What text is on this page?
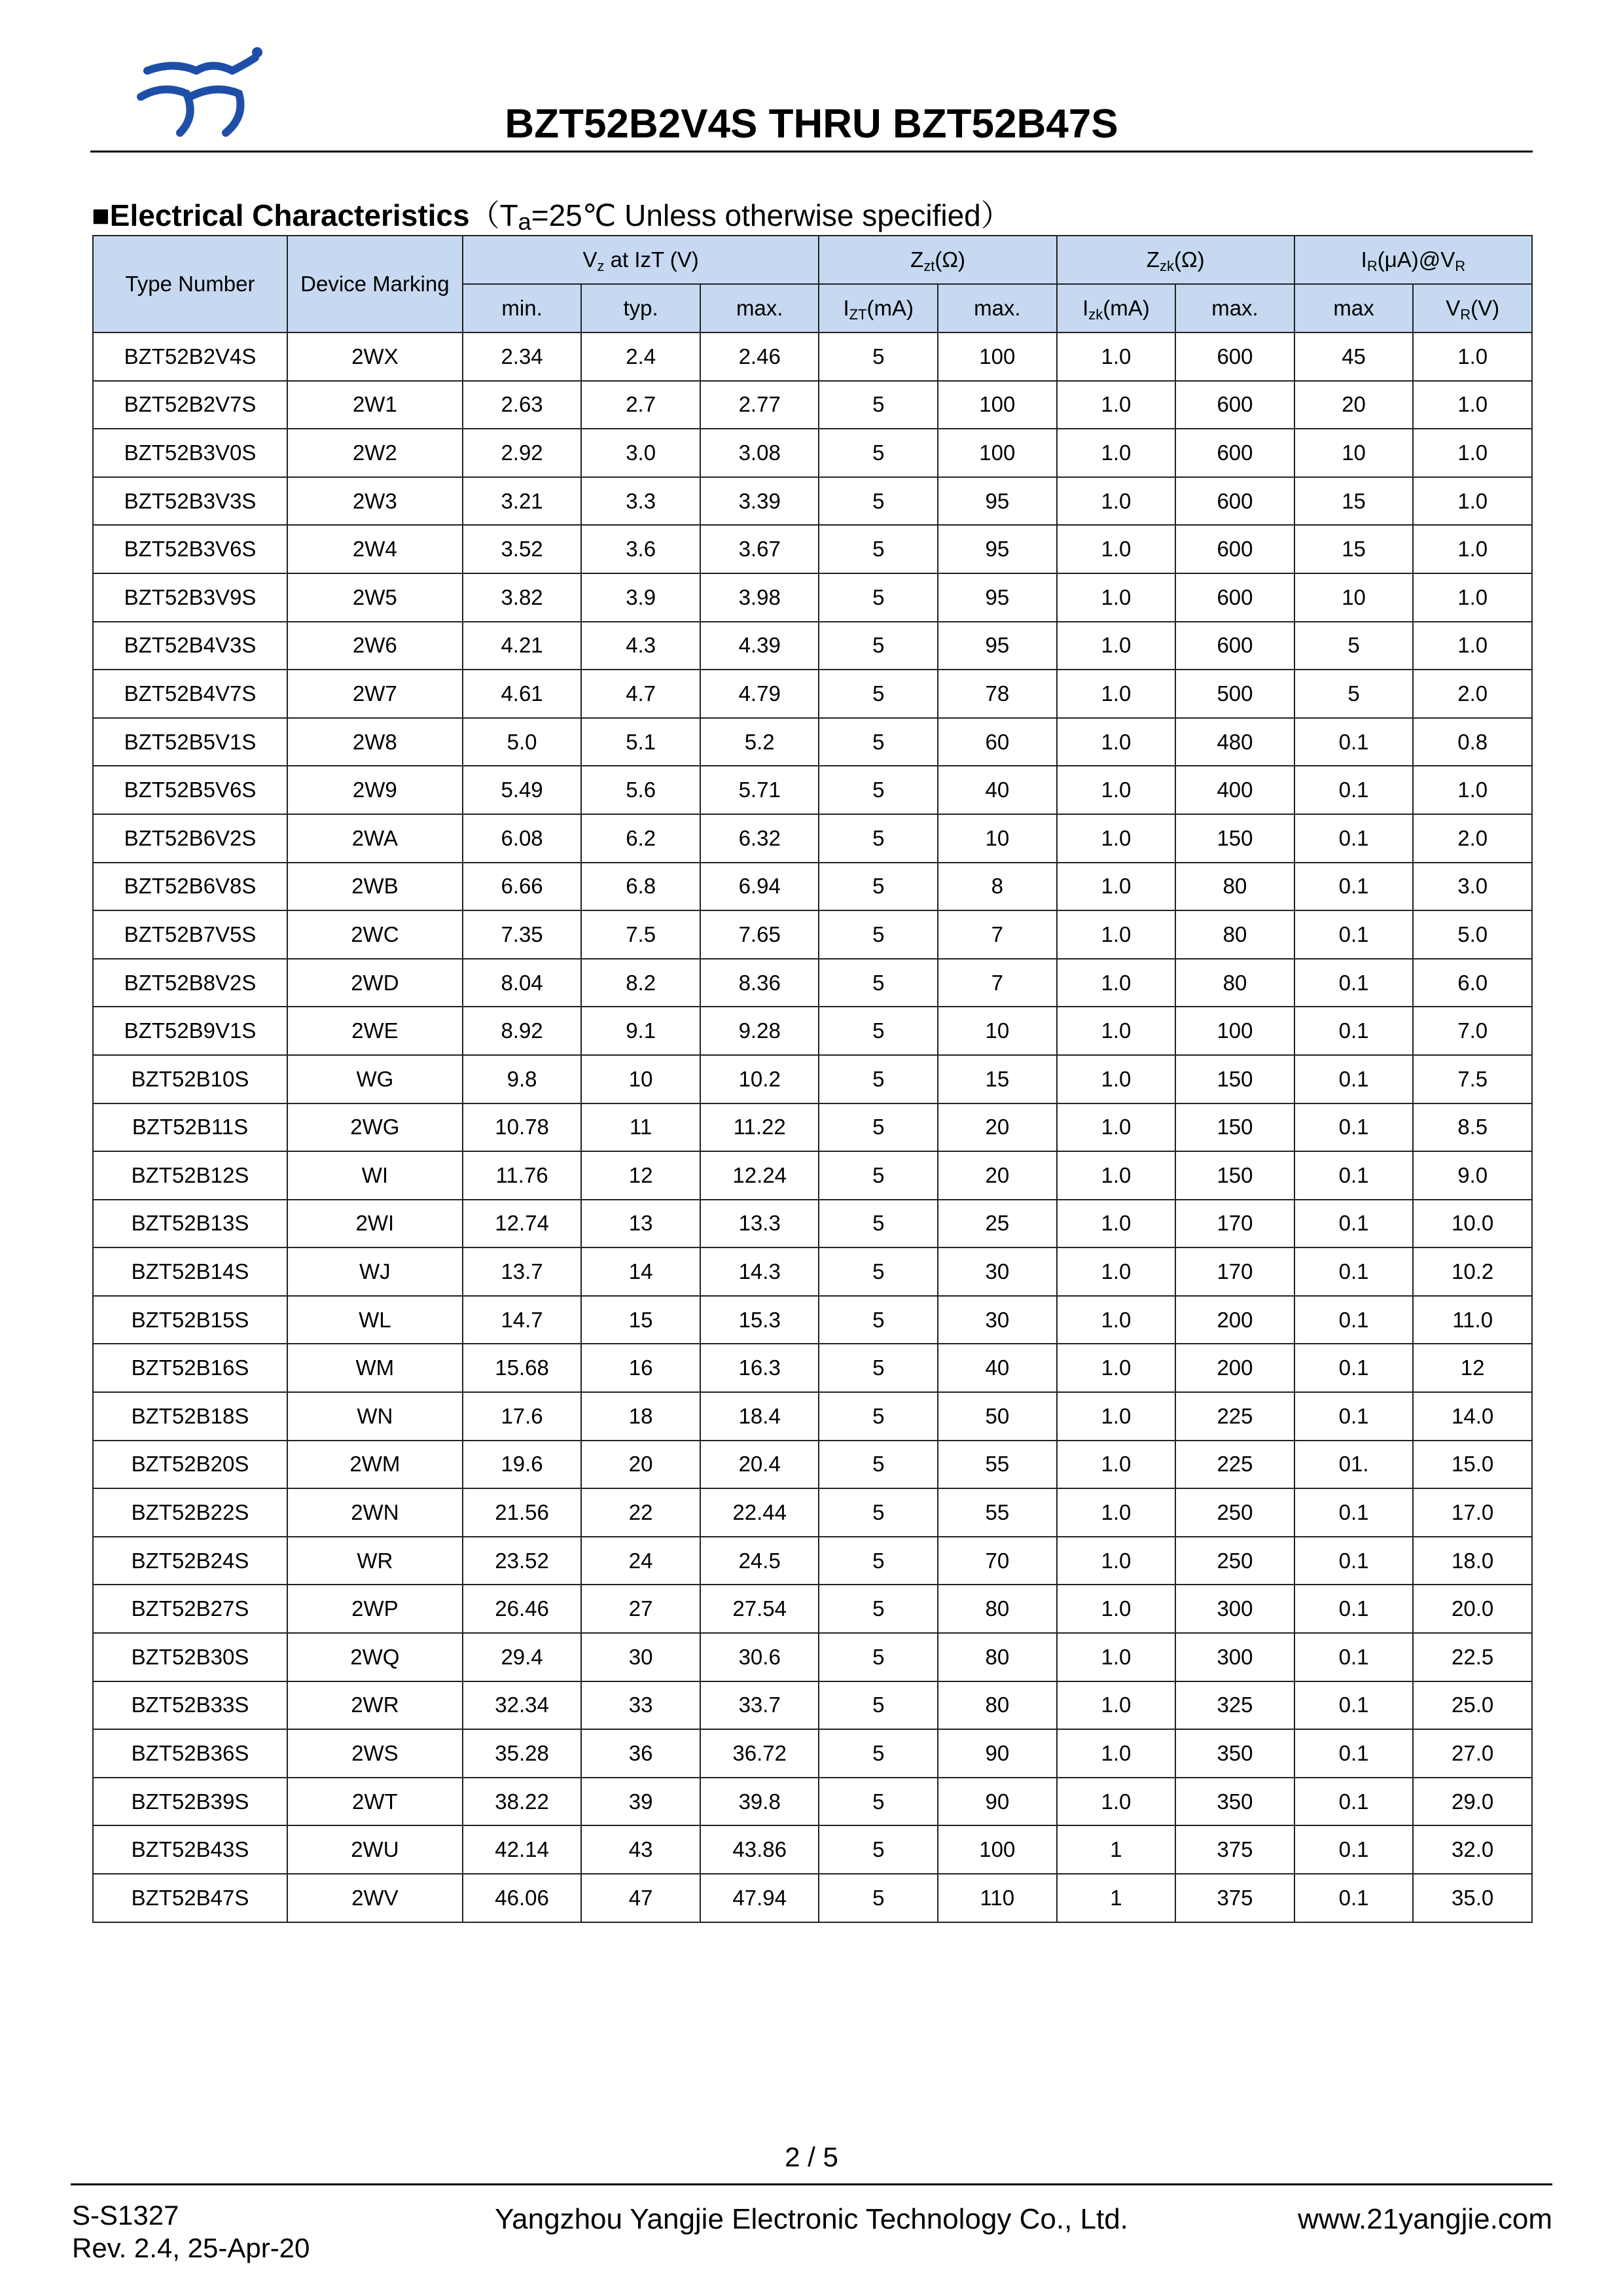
BZT52B2V4S THRU BZT52B47S
■Electrical Characteristics（Ta=25℃ Unless otherwise specified）
Type Number	Device Marking	$V_z$ at IzT (V)			$Z_{zt}(\Omega)$		$Z_{zk}(\Omega)$		$I_R(\mu A)@V_R$
		min.	typ.	max.	$I_{ZT}(mA)$	max.	$I_{zk}(mA)$	max.	max	$V_R(V)$
BZT52B2V4S	2WX	2.34	2.4	2.46	5	100	1.0	600	45	1.0
BZT52B2V7S	2W1	2.63	2.7	2.77	5	100	1.0	600	20	1.0
BZT52B3V0S	2W2	2.92	3.0	3.08	5	100	1.0	600	10	1.0
BZT52B3V3S	2W3	3.21	3.3	3.39	5	95	1.0	600	15	1.0
BZT52B3V6S	2W4	3.52	3.6	3.67	5	95	1.0	600	15	1.0
BZT52B3V9S	2W5	3.82	3.9	3.98	5	95	1.0	600	10	1.0
BZT52B4V3S	2W6	4.21	4.3	4.39	5	95	1.0	600	5	1.0
BZT52B4V7S	2W7	4.61	4.7	4.79	5	78	1.0	500	5	2.0
BZT52B5V1S	2W8	5.0	5.1	5.2	5	60	1.0	480	0.1	0.8
BZT52B5V6S	2W9	5.49	5.6	5.71	5	40	1.0	400	0.1	1.0
BZT52B6V2S	2WA	6.08	6.2	6.32	5	10	1.0	150	0.1	2.0
BZT52B6V8S	2WB	6.66	6.8	6.94	5	8	1.0	80	0.1	3.0
BZT52B7V5S	2WC	7.35	7.5	7.65	5	7	1.0	80	0.1	5.0
BZT52B8V2S	2WD	8.04	8.2	8.36	5	7	1.0	80	0.1	6.0
BZT52B9V1S	2WE	8.92	9.1	9.28	5	10	1.0	100	0.1	7.0
BZT52B10S	WG	9.8	10	10.2	5	15	1.0	150	0.1	7.5
BZT52B11S	2WG	10.78	11	11.22	5	20	1.0	150	0.1	8.5
BZT52B12S	WI	11.76	12	12.24	5	20	1.0	150	0.1	9.0
BZT52B13S	2WI	12.74	13	13.3	5	25	1.0	170	0.1	10.0
BZT52B14S	WJ	13.7	14	14.3	5	30	1.0	170	0.1	10.2
BZT52B15S	WL	14.7	15	15.3	5	30	1.0	200	0.1	11.0
BZT52B16S	WM	15.68	16	16.3	5	40	1.0	200	0.1	12
BZT52B18S	WN	17.6	18	18.4	5	50	1.0	225	0.1	14.0
BZT52B20S	2WM	19.6	20	20.4	5	55	1.0	225	01.	15.0
BZT52B22S	2WN	21.56	22	22.44	5	55	1.0	250	0.1	17.0
BZT52B24S	WR	23.52	24	24.5	5	70	1.0	250	0.1	18.0
BZT52B27S	2WP	26.46	27	27.54	5	80	1.0	300	0.1	20.0
BZT52B30S	2WQ	29.4	30	30.6	5	80	1.0	300	0.1	22.5
BZT52B33S	2WR	32.34	33	33.7	5	80	1.0	325	0.1	25.0
BZT52B36S	2WS	35.28	36	36.72	5	90	1.0	350	0.1	27.0
BZT52B39S	2WT	38.22	39	39.8	5	90	1.0	350	0.1	29.0
BZT52B43S	2WU	42.14	43	43.86	5	100	1	375	0.1	32.0
BZT52B47S	2WV	46.06	47	47.94	5	110	1	375	0.1	35.0
2 / 5
S-S1327
Rev. 2.4, 25-Apr-20
Yangzhou Yangjie Electronic Technology Co., Ltd.	www.21yangjie.com
